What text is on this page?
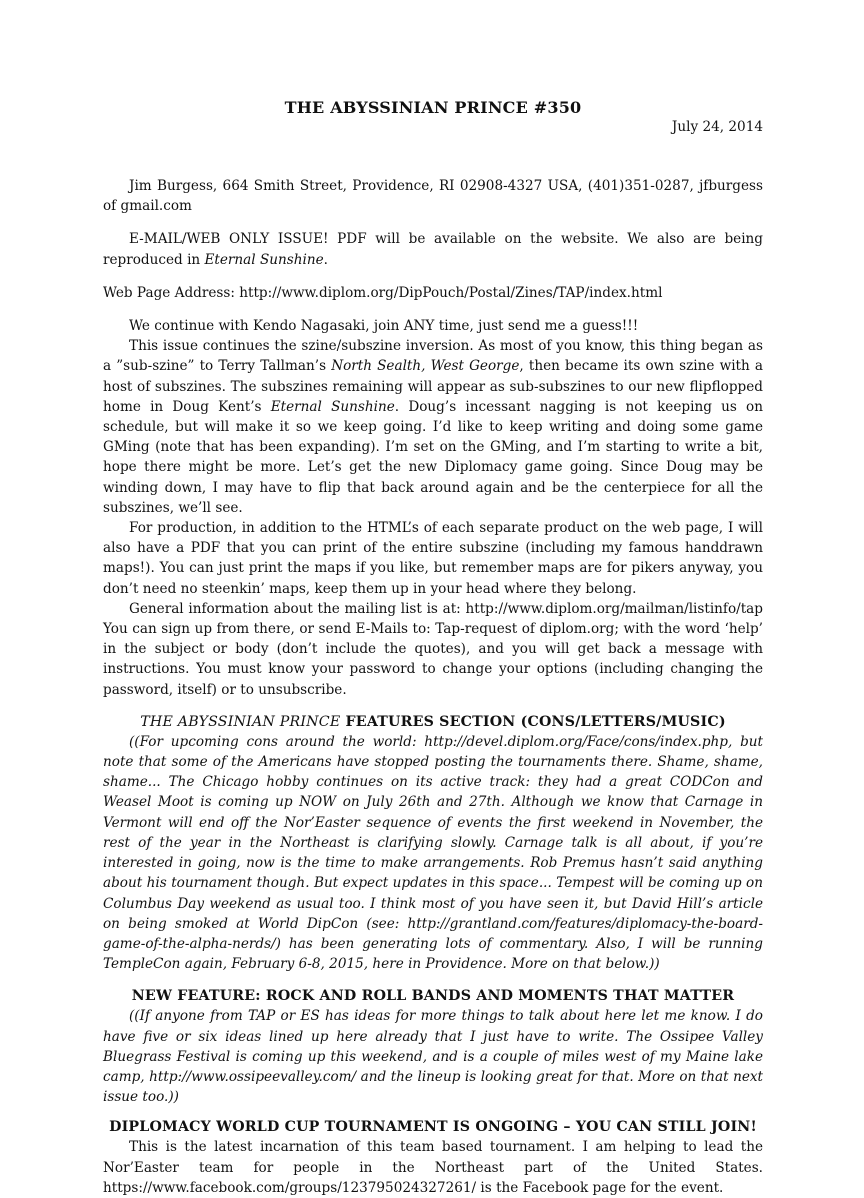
THE ABYSSINIAN PRINCE #350
July 24, 2014

Jim Burgess, 664 Smith Street, Providence, RI 02908-4327 USA, (401)351-0287, jfburgess of gmail.com

E-MAIL/WEB ONLY ISSUE! PDF will be available on the website. We also are being reproduced in Eternal Sunshine.

Web Page Address: http://www.diplom.org/DipPouch/Postal/Zines/TAP/index.html

We continue with Kendo Nagasaki, join ANY time, just send me a guess!!!

This issue continues the szine/subszine inversion. As most of you know, this thing began as a ”sub-szine” to Terry Tallman’s North Sealth, West George, then became its own szine with a host of subszines. The subszines remaining will appear as sub-subszines to our new flipflopped home in Doug Kent’s Eternal Sunshine. Doug’s incessant nagging is not keeping us on schedule, but will make it so we keep going. I’d like to keep writing and doing some game GMing (note that has been expanding). I’m set on the GMing, and I’m starting to write a bit, hope there might be more. Let’s get the new Diplomacy game going. Since Doug may be winding down, I may have to flip that back around again and be the centerpiece for all the subszines, we’ll see.

For production, in addition to the HTML’s of each separate product on the web page, I will also have a PDF that you can print of the entire subszine (including my famous handdrawn maps!). You can just print the maps if you like, but remember maps are for pikers anyway, you don’t need no steenkin’ maps, keep them up in your head where they belong.

General information about the mailing list is at: http://www.diplom.org/mailman/listinfo/tap You can sign up from there, or send E-Mails to: Tap-request of diplom.org; with the word ‘help’ in the subject or body (don’t include the quotes), and you will get back a message with instructions. You must know your password to change your options (including changing the password, itself) or to unsubscribe.

THE ABYSSINIAN PRINCE FEATURES SECTION (CONS/LETTERS/MUSIC)

((For upcoming cons around the world: http://devel.diplom.org/Face/cons/index.php, but note that some of the Americans have stopped posting the tournaments there. Shame, shame, shame... The Chicago hobby continues on its active track: they had a great CODCon and Weasel Moot is coming up NOW on July 26th and 27th. Although we know that Carnage in Vermont will end off the Nor’Easter sequence of events the first weekend in November, the rest of the year in the Northeast is clarifying slowly. Carnage talk is all about, if you’re interested in going, now is the time to make arrangements. Rob Premus hasn’t said anything about his tournament though. But expect updates in this space... Tempest will be coming up on Columbus Day weekend as usual too. I think most of you have seen it, but David Hill’s article on being smoked at World DipCon (see: http://grantland.com/features/diplomacy-the-board-game-of-the-alpha-nerds/) has been generating lots of commentary. Also, I will be running TempleCon again, February 6-8, 2015, here in Providence. More on that below.))

NEW FEATURE: ROCK AND ROLL BANDS AND MOMENTS THAT MATTER

((If anyone from TAP or ES has ideas for more things to talk about here let me know. I do have five or six ideas lined up here already that I just have to write. The Ossipee Valley Bluegrass Festival is coming up this weekend, and is a couple of miles west of my Maine lake camp, http://www.ossipeevalley.com/ and the lineup is looking great for that. More on that next issue too.))

DIPLOMACY WORLD CUP TOURNAMENT IS ONGOING – YOU CAN STILL JOIN!

This is the latest incarnation of this team based tournament. I am helping to lead the Nor’Easter team for people in the Northeast part of the United States. https://www.facebook.com/groups/123795024327261/ is the Facebook page for the event.
